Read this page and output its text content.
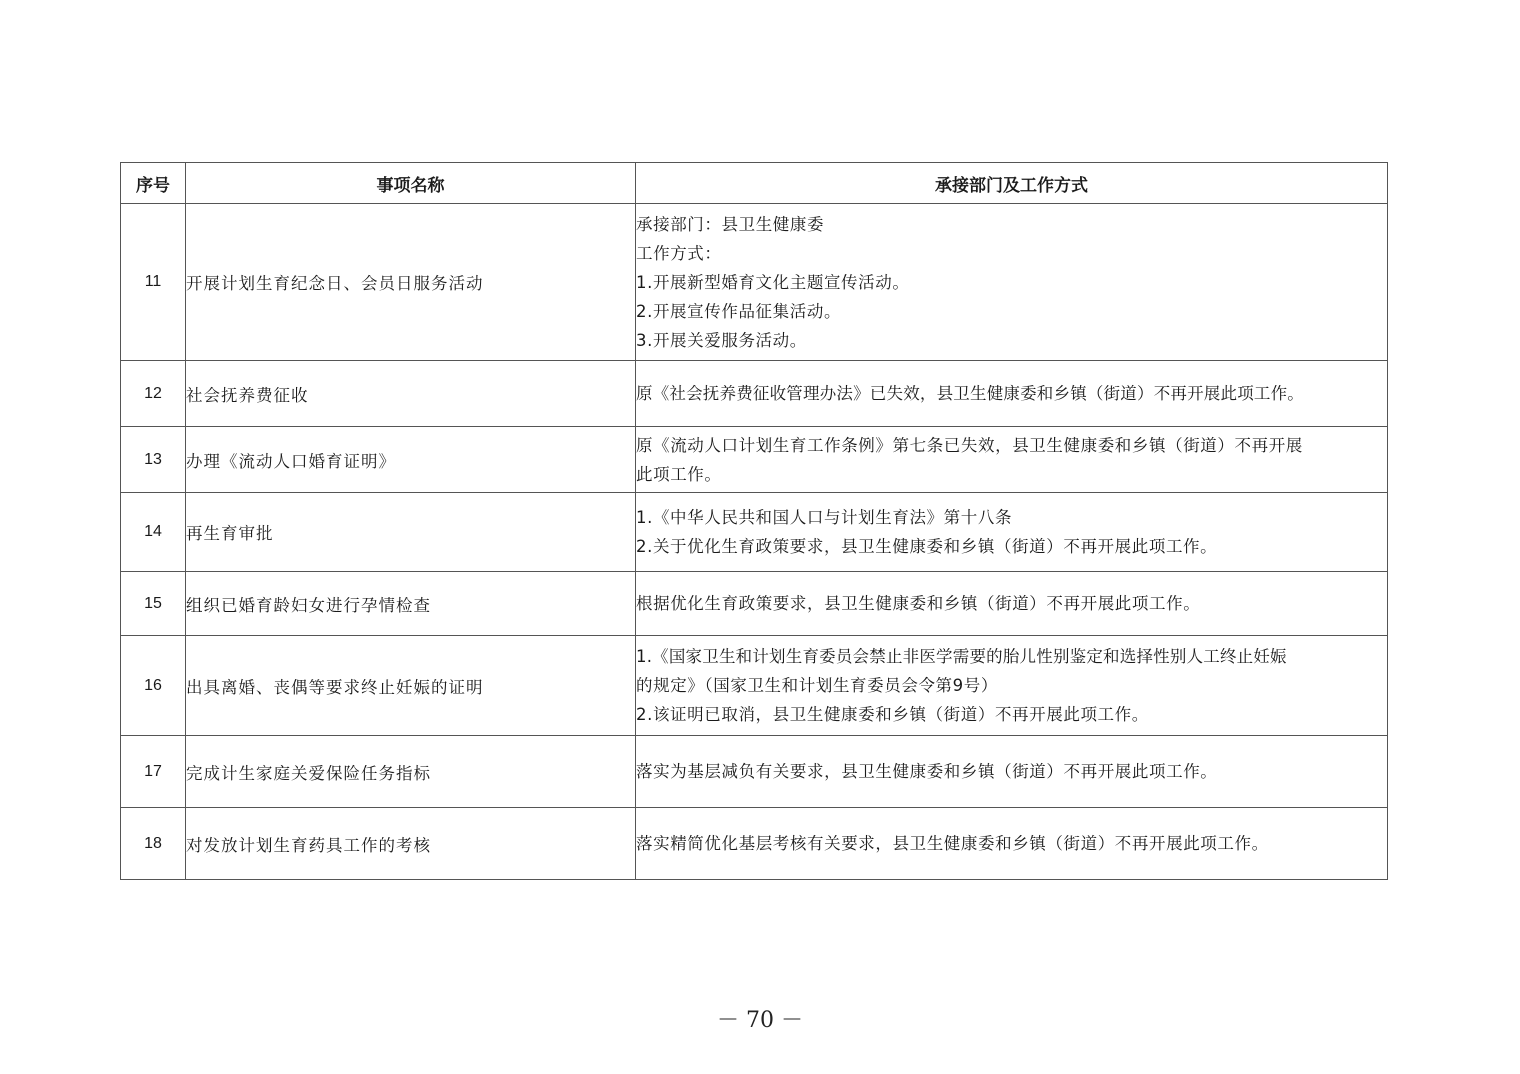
序号	事项名称	承接部门及工作方式
11	开展计划生育纪念日、会员日服务活动	承接部门：县卫生健康委
工作方式：
1.开展新型婚育文化主题宣传活动。
2.开展宣传作品征集活动。
3.开展关爱服务活动。

12	社会抚养费征收	原《社会抚养费征收管理办法》已失效，县卫生健康委和乡镇（街道）不再开展此项工作。

13	办理《流动人口婚育证明》	原《流动人口计划生育工作条例》第七条已失效，县卫生健康委和乡镇（街道）不再开展
此项工作。

14	再生育审批	1.《中华人民共和国人口与计划生育法》第十八条
2.关于优化生育政策要求，县卫生健康委和乡镇（街道）不再开展此项工作。

15	组织已婚育龄妇女进行孕情检查	根据优化生育政策要求，县卫生健康委和乡镇（街道）不再开展此项工作。

16	出具离婚、丧偶等要求终止妊娠的证明	1.《国家卫生和计划生育委员会禁止非医学需要的胎儿性别鉴定和选择性别人工终止妊娠
的规定》（国家卫生和计划生育委员会令第9号）
2.该证明已取消，县卫生健康委和乡镇（街道）不再开展此项工作。

17	完成计生家庭关爱保险任务指标	落实为基层减负有关要求，县卫生健康委和乡镇（街道）不再开展此项工作。

18	对发放计划生育药具工作的考核	落实精简优化基层考核有关要求，县卫生健康委和乡镇（街道）不再开展此项工作。
－ 70 －
